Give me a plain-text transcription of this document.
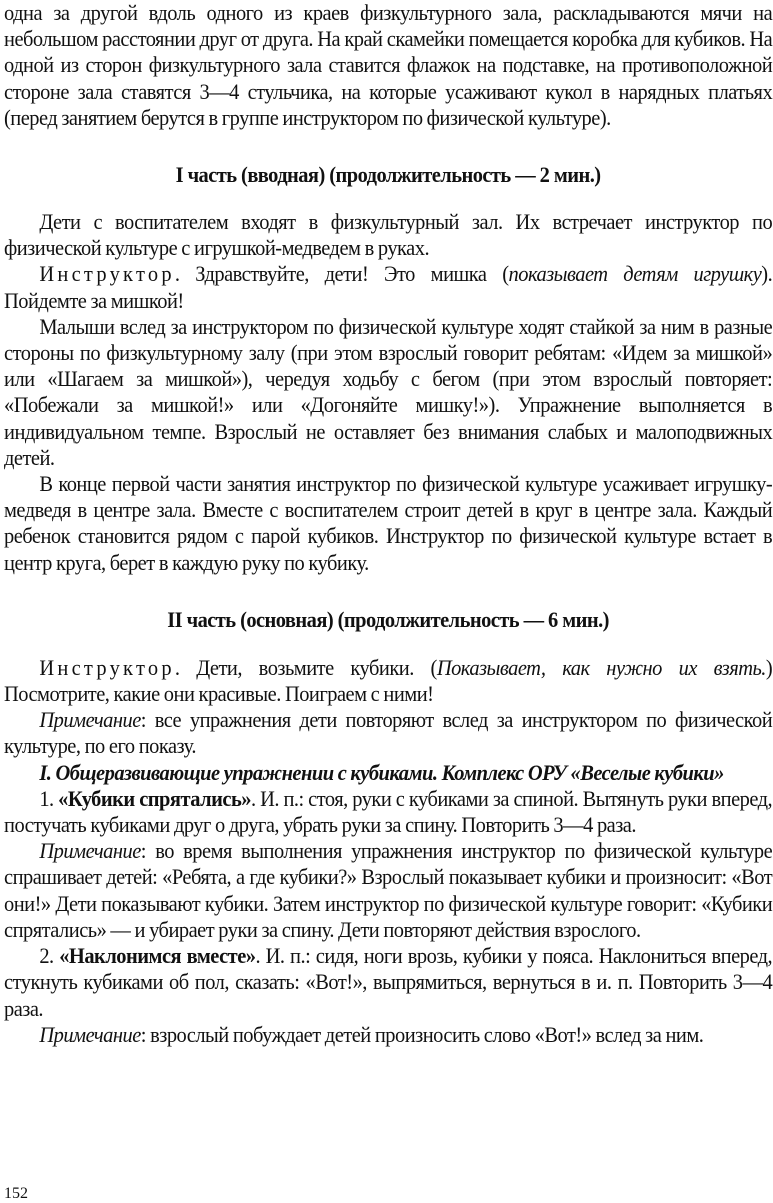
одна за другой вдоль одного из краев физкультурного зала, раскладываются мячи на небольшом расстоянии друг от друга. На край скамейки помещается коробка для кубиков. На одной из сторон физкультурного зала ставится флажок на подставке, на противоположной стороне зала ставятся 3—4 стульчика, на которые усаживают кукол в нарядных платьях (перед занятием берутся в группе инструктором по физической культуре).

I часть (вводная) (продолжительность — 2 мин.)

Дети с воспитателем входят в физкультурный зал. Их встречает инструктор по физической культуре с игрушкой-медведем в руках.

Инструктор. Здравствуйте, дети! Это мишка (показывает детям игрушку). Пойдемте за мишкой!

Малыши вслед за инструктором по физической культуре ходят стайкой за ним в разные стороны по физкультурному залу (при этом взрослый говорит ребятам: «Идем за мишкой» или «Шагаем за мишкой»), чередуя ходьбу с бегом (при этом взрослый повторяет: «Побежали за мишкой!» или «Догоняйте мишку!»). Упражнение выполняется в индивидуальном темпе. Взрослый не оставляет без внимания слабых и малоподвижных детей.

В конце первой части занятия инструктор по физической культуре усаживает игрушку-медведя в центре зала. Вместе с воспитателем строит детей в круг в центре зала. Каждый ребенок становится рядом с парой кубиков. Инструктор по физической культуре встает в центр круга, берет в каждую руку по кубику.

II часть (основная) (продолжительность — 6 мин.)

Инструктор. Дети, возьмите кубики. (Показывает, как нужно их взять.) Посмотрите, какие они красивые. Поиграем с ними!

Примечание: все упражнения дети повторяют вслед за инструктором по физической культуре, по его показу.

I. Общеразвивающие упражнении с кубиками. Комплекс ОРУ «Веселые кубики»

1. «Кубики спрятались». И. п.: стоя, руки с кубиками за спиной. Вытянуть руки вперед, постучать кубиками друг о друга, убрать руки за спину. Повторить 3—4 раза.

Примечание: во время выполнения упражнения инструктор по физической культуре спрашивает детей: «Ребята, а где кубики?» Взрослый показывает кубики и произносит: «Вот они!» Дети показывают кубики. Затем инструктор по физической культуре говорит: «Кубики спрятались» — и убирает руки за спину. Дети повторяют действия взрослого.

2. «Наклонимся вместе». И. п.: сидя, ноги врозь, кубики у пояса. Наклониться вперед, стукнуть кубиками об пол, сказать: «Вот!», выпрямиться, вернуться в и. п. Повторить 3—4 раза.

Примечание: взрослый побуждает детей произносить слово «Вот!» вслед за ним.

152
